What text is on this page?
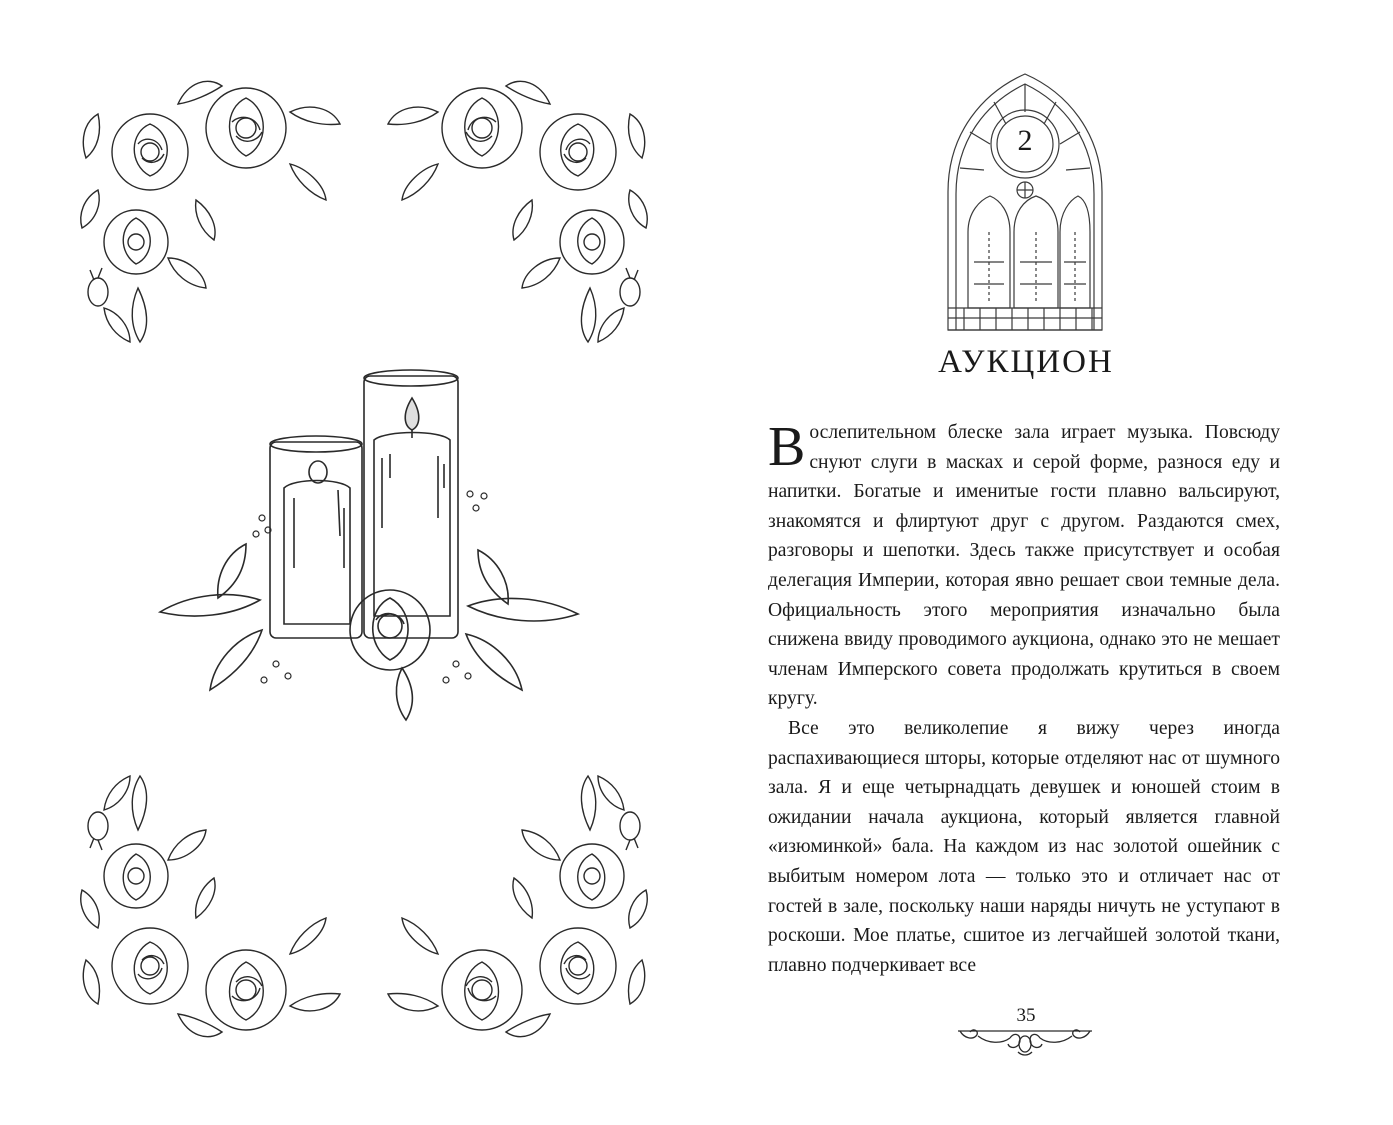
2
АУКЦИОН

В ослепительном блеске зала играет музыка. Повсюду снуют слуги в масках и серой форме, разнося еду и напитки. Богатые и именитые гости плавно вальсируют, знакомятся и флиртуют друг с другом. Раздаются смех, разговоры и шепотки. Здесь также присутствует и особая делегация Империи, которая явно решает свои темные дела. Официальность этого мероприятия изначально была снижена ввиду проводимого аукциона, однако это не мешает членам Имперского совета продолжать крутиться в своем кругу.

Все это великолепие я вижу через иногда распахивающиеся шторы, которые отделяют нас от шумного зала. Я и еще четырнадцать девушек и юношей стоим в ожидании начала аукциона, который является главной «изюминкой» бала. На каждом из нас золотой ошейник с выбитым номером лота — только это и отличает нас от гостей в зале, поскольку наши наряды ничуть не уступают в роскоши. Мое платье, сшитое из легчайшей золотой ткани, плавно подчеркивает все

35
